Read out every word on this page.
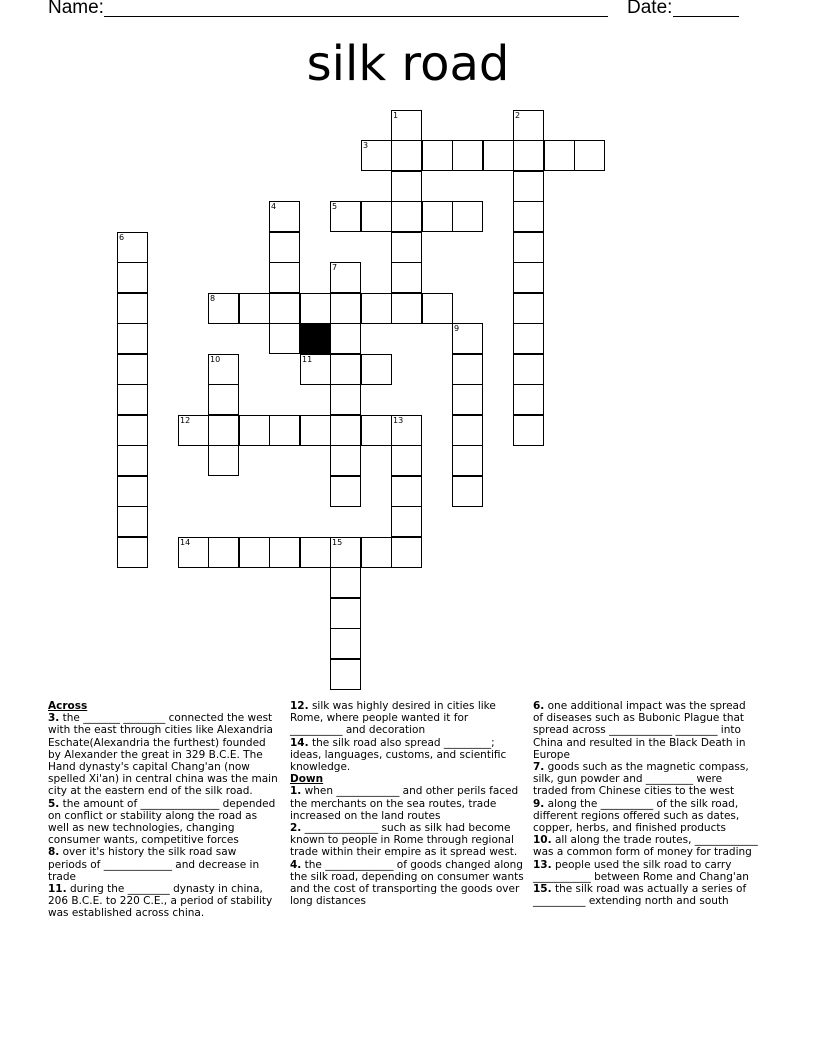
Name:	Date:
silk road
1	2
3
4	5
6
7
8
9
10	11
12	13
14	15
Across
3. the _______ ________ connected the west with the east through cities like Alexandria Eschate(Alexandria the furthest) founded by Alexander the great in 329 B.C.E. The Hand dynasty's capital Chang'an (now spelled Xi'an) in central china was the main city at the eastern end of the silk road.
5. the amount of _______________ depended on conflict or stability along the road as well as new technologies, changing consumer wants, competitive forces
8. over it's history the silk road saw periods of _____________ and decrease in trade
11. during the ________ dynasty in china, 206 B.C.E. to 220 C.E., a period of stability was established across china.
12. silk was highly desired in cities like Rome, where people wanted it for __________ and decoration
14. the silk road also spread _________; ideas, languages, customs, and scientific knowledge.
Down
1. when ____________ and other perils faced the merchants on the sea routes, trade increased on the land routes
2. ______________ such as silk had become known to people in Rome through regional trade within their empire as it spread west.
4. the _____________ of goods changed along the silk road, depending on consumer wants and the cost of transporting the goods over long distances
6. one additional impact was the spread of diseases such as Bubonic Plague that spread across ____________ ________ into China and resulted in the Black Death in Europe
7. goods such as the magnetic compass, silk, gun powder and _________ were traded from Chinese cities to the west
9. along the __________ of the silk road, different regions offered such as dates, copper, herbs, and finished products
10. all along the trade routes, ____________ was a common form of money for trading
13. people used the silk road to carry ___________ between Rome and Chang'an
15. the silk road was actually a series of __________ extending north and south
